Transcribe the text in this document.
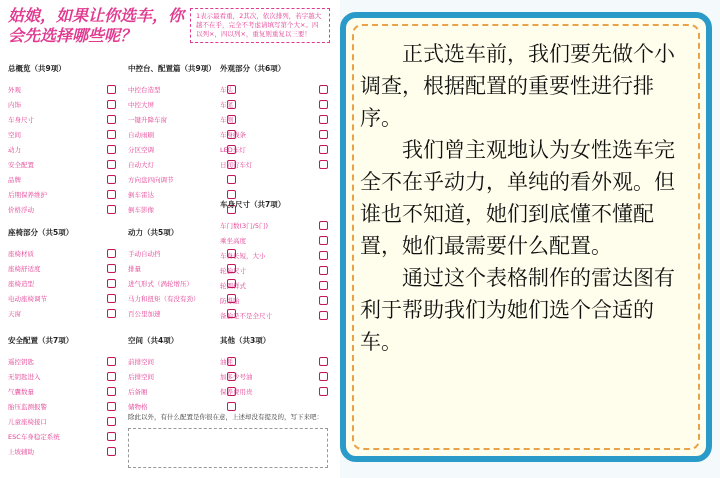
姑娘，如果让你选车，你会先选择哪些呢？
1表示最看重，2其次，依次排列，若字越大越不在乎，完全不考虑请填写第个大×。四以列×，四以列×，重复则重复以三要！
总概览（共9项）
外观
内饰
车身尺寸
空间
动力
安全配置
品牌
后期保养维护
价格浮动
中控台、配置篇（共9项）
中控台造型
中控大屏
一键升降车窗
自动雨刷
分区空调
自动大灯
方向盘四向调节
倒车雷达
倒车影像
外观部分（共6项）
车头
车尾
车侧
车身线条
LED车灯
日间行车灯
车身尺寸（共7项）
车门数(3门/5门)
乘坐高度
车身长短，大小
轮胎尺寸
轮圈样式
防爆胎
备胎是不是全尺寸
座椅部分（共5项）
座椅材质
座椅舒适度
座椅造型
电动座椅调节
天窗
动力（共5项）
手动自动挡
排量
进气形式（涡轮增压）
马力和扭矩（有没有劲）
百公里加速
安全配置（共7项）
遥控钥匙
无钥匙进入
气囊数量
胎压监测报警
儿童座椅接口
ESC车身稳定系统
上坡辅助
空间（共4项）
前排空间
后排空间
后备厢
储物格
其他（共3项）
油耗
加多少号油
保养费用贵
除此以外，有什么配置是你很在意，上述却没有提及的，写下来吧：

　　正式选车前，我们要先做个小调查，根据配置的重要性进行排序。

　　我们曾主观地认为女性选车完全不在乎动力，单纯的看外观。但谁也不知道，她们到底懂不懂配置，她们最需要什么配置。

　　通过这个表格制作的雷达图有利于帮助我们为她们选个合适的车。
